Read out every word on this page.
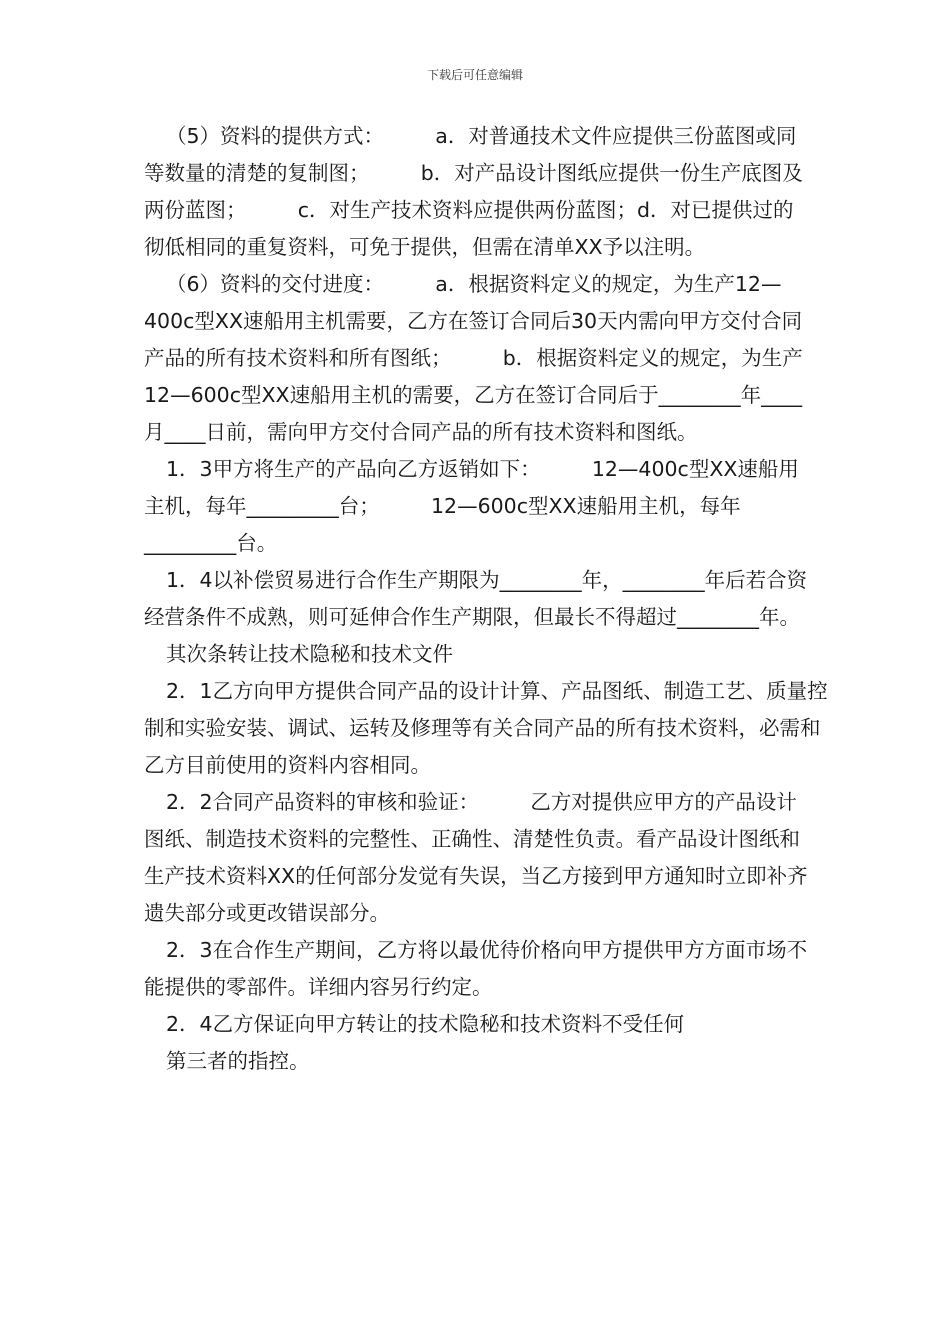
下载后可任意编辑

（5）资料的提供方式：　　　a．对普通技术文件应提供三份蓝图或同等数量的清楚的复制图；　　　b．对产品设计图纸应提供一份生产底图及两份蓝图；　　　c．对生产技术资料应提供两份蓝图；d．对已提供过的彻低相同的重复资料，可免于提供，但需在清单XX予以注明。

（6）资料的交付进度：　　　a．根据资料定义的规定，为生产12—400c型XX速船用主机需要，乙方在签订合同后30天内需向甲方交付合同产品的所有技术资料和所有图纸；　　　b．根据资料定义的规定，为生产12—600c型XX速船用主机的需要，乙方在签订合同后于________年____月____日前，需向甲方交付合同产品的所有技术资料和图纸。

1．3甲方将生产的产品向乙方返销如下：　　　12—400c型XX速船用主机，每年_________台；　　　12—600c型XX速船用主机，每年_________台。

1．4以补偿贸易进行合作生产期限为________年，________年后若合资经营条件不成熟，则可延伸合作生产期限，但最长不得超过________年。

其次条转让技术隐秘和技术文件

2．1乙方向甲方提供合同产品的设计计算、产品图纸、制造工艺、质量控制和实验安装、调试、运转及修理等有关合同产品的所有技术资料，必需和乙方目前使用的资料内容相同。

2．2合同产品资料的审核和验证：　　　乙方对提供应甲方的产品设计图纸、制造技术资料的完整性、正确性、清楚性负责。看产品设计图纸和生产技术资料XX的任何部分发觉有失误，当乙方接到甲方通知时立即补齐遗失部分或更改错误部分。

2．3在合作生产期间，乙方将以最优待价格向甲方提供甲方方面市场不能提供的零部件。详细内容另行约定。

2．4乙方保证向甲方转让的技术隐秘和技术资料不受任何

第三者的指控。
